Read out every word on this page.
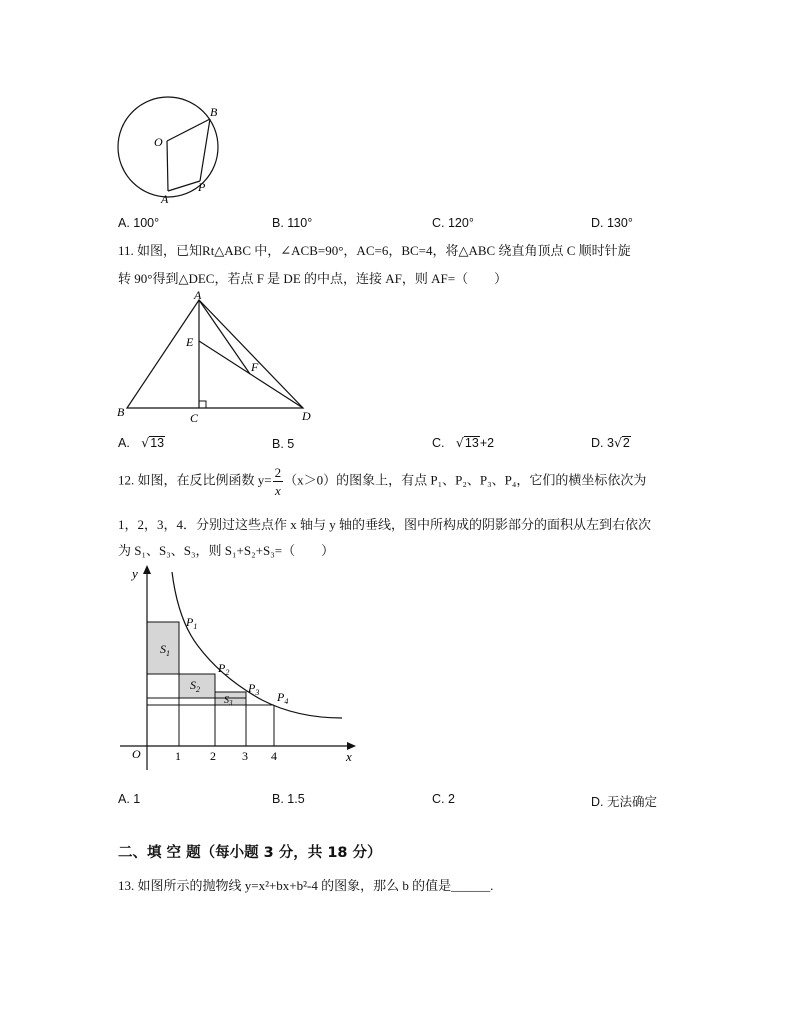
O
B
A
P
A. 100°	B. 110°	C. 120°	D. 130°
11. 如图，已知Rt△ABC 中，∠ACB=90°，AC=6，BC=4，将△ABC 绕直角顶点 C 顺时针旋
转 90°得到△DEC，若点 F 是 DE 的中点，连接 AF，则 AF=（　　）
A
E
F
B	C	D
A.   √13	B. 5	C.   √13+2	D. 3√2
12. 如图，在反比例函数 $y= \frac{2}{x} (x>0)$的图象上，有点 P₁、P₂、P₃、P₄，它们的横坐标依次为
1，2，3，4．分别过这些点作 x 轴与 y 轴的垂线，图中所构成的阴影部分的面积从左到右依次
为 S₁、S₃、S₃，则 S₁+S₂+S₃=（　　）
y
x
O	1 2 3 4
$P_1$
$P_2$
$P_3$ $P_4$
$S_1$
$S_2$
$S_3$
A. 1	B. 1.5	C. 2	D. 无法确定
二、填 空 题（每小题 3 分，共 18 分）
13. 如图所示的抛物线 y=x²+bx+b²-4 的图象，那么 b 的值是______.
